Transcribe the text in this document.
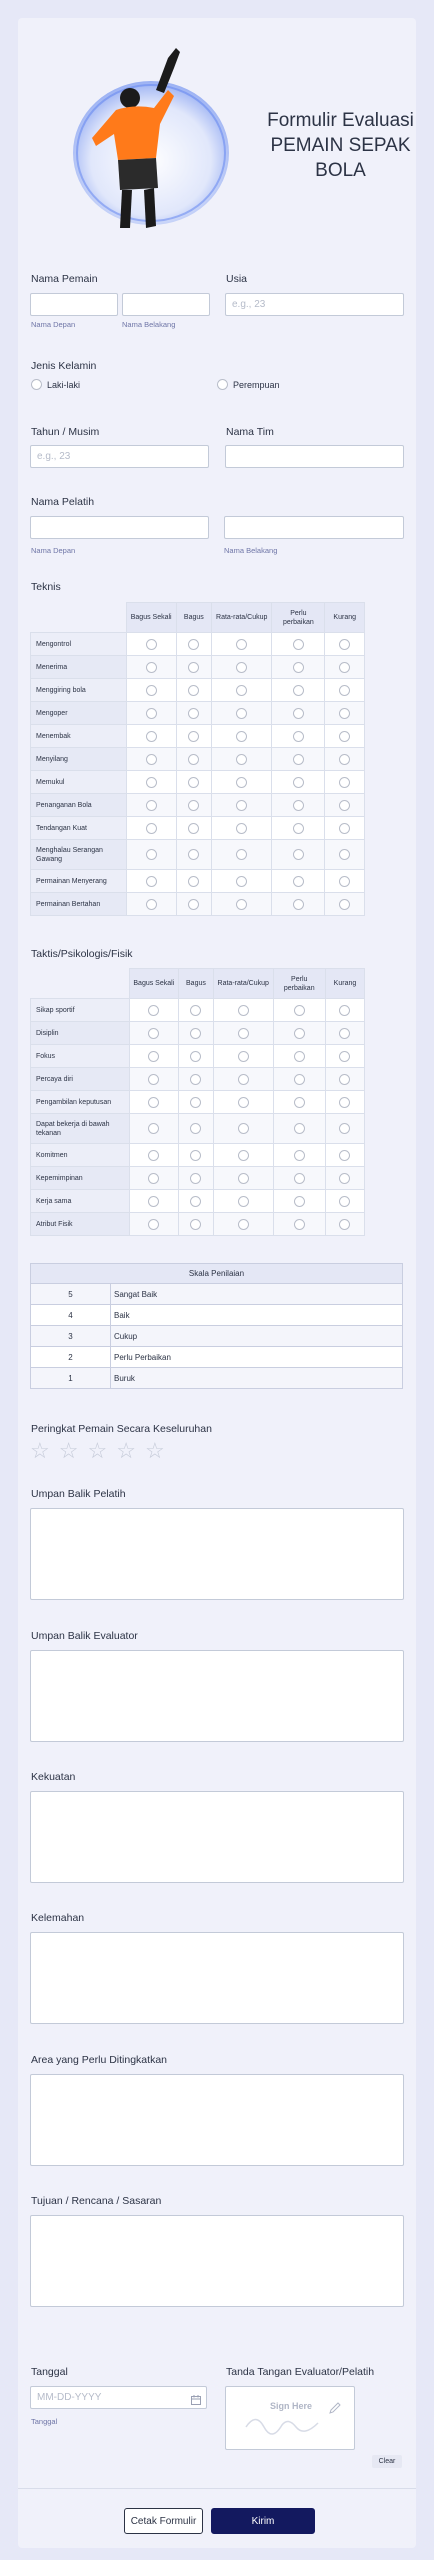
Formulir Evaluasi
PEMAIN SEPAK
BOLA
Nama Pemain
Nama Depan	Nama Belakang
Usia
e.g., 23
Jenis Kelamin
Laki-laki	Perempuan
Tahun / Musim
e.g., 23	Nama Tim
Nama Pelatih
Nama Depan	Nama Belakang
Teknis
	Bagus Sekali	Bagus	Rata-rata/Cukup	Perlu perbaikan	Kurang
Mengontrol					
Menerima					
Menggiring bola					
Mengoper					
Menembak					
Menyilang					
Memukul					
Penanganan Bola					
Tendangan Kuat					
Menghalau Serangan Gawang					
Permainan Menyerang					
Permainan Bertahan					
Taktis/Psikologis/Fisik
	Bagus Sekali	Bagus	Rata-rata/Cukup	Perlu perbaikan	Kurang
Sikap sportif					
Disiplin					
Fokus					
Percaya diri					
Pengambilan keputusan					
Dapat bekerja di bawah tekanan					
Komitmen					
Kepemimpinan					
Kerja sama					
Atribut Fisik					
Skala Penilaian	
5	Sangat Baik
4	Baik
3	Cukup
2	Perlu Perbaikan
1	Buruk
Peringkat Pemain Secara Keseluruhan
☆☆☆☆☆
Umpan Balik Pelatih
Umpan Balik Evaluator
Kekuatan
Kelemahan
Area yang Perlu Ditingkatkan
Tujuan / Rencana / Sasaran
Tanggal
MM-DD-YYYY
Tanggal
Tanda Tangan Evaluator/Pelatih
Sign Here
Clear
Cetak Formulir	Kirim
